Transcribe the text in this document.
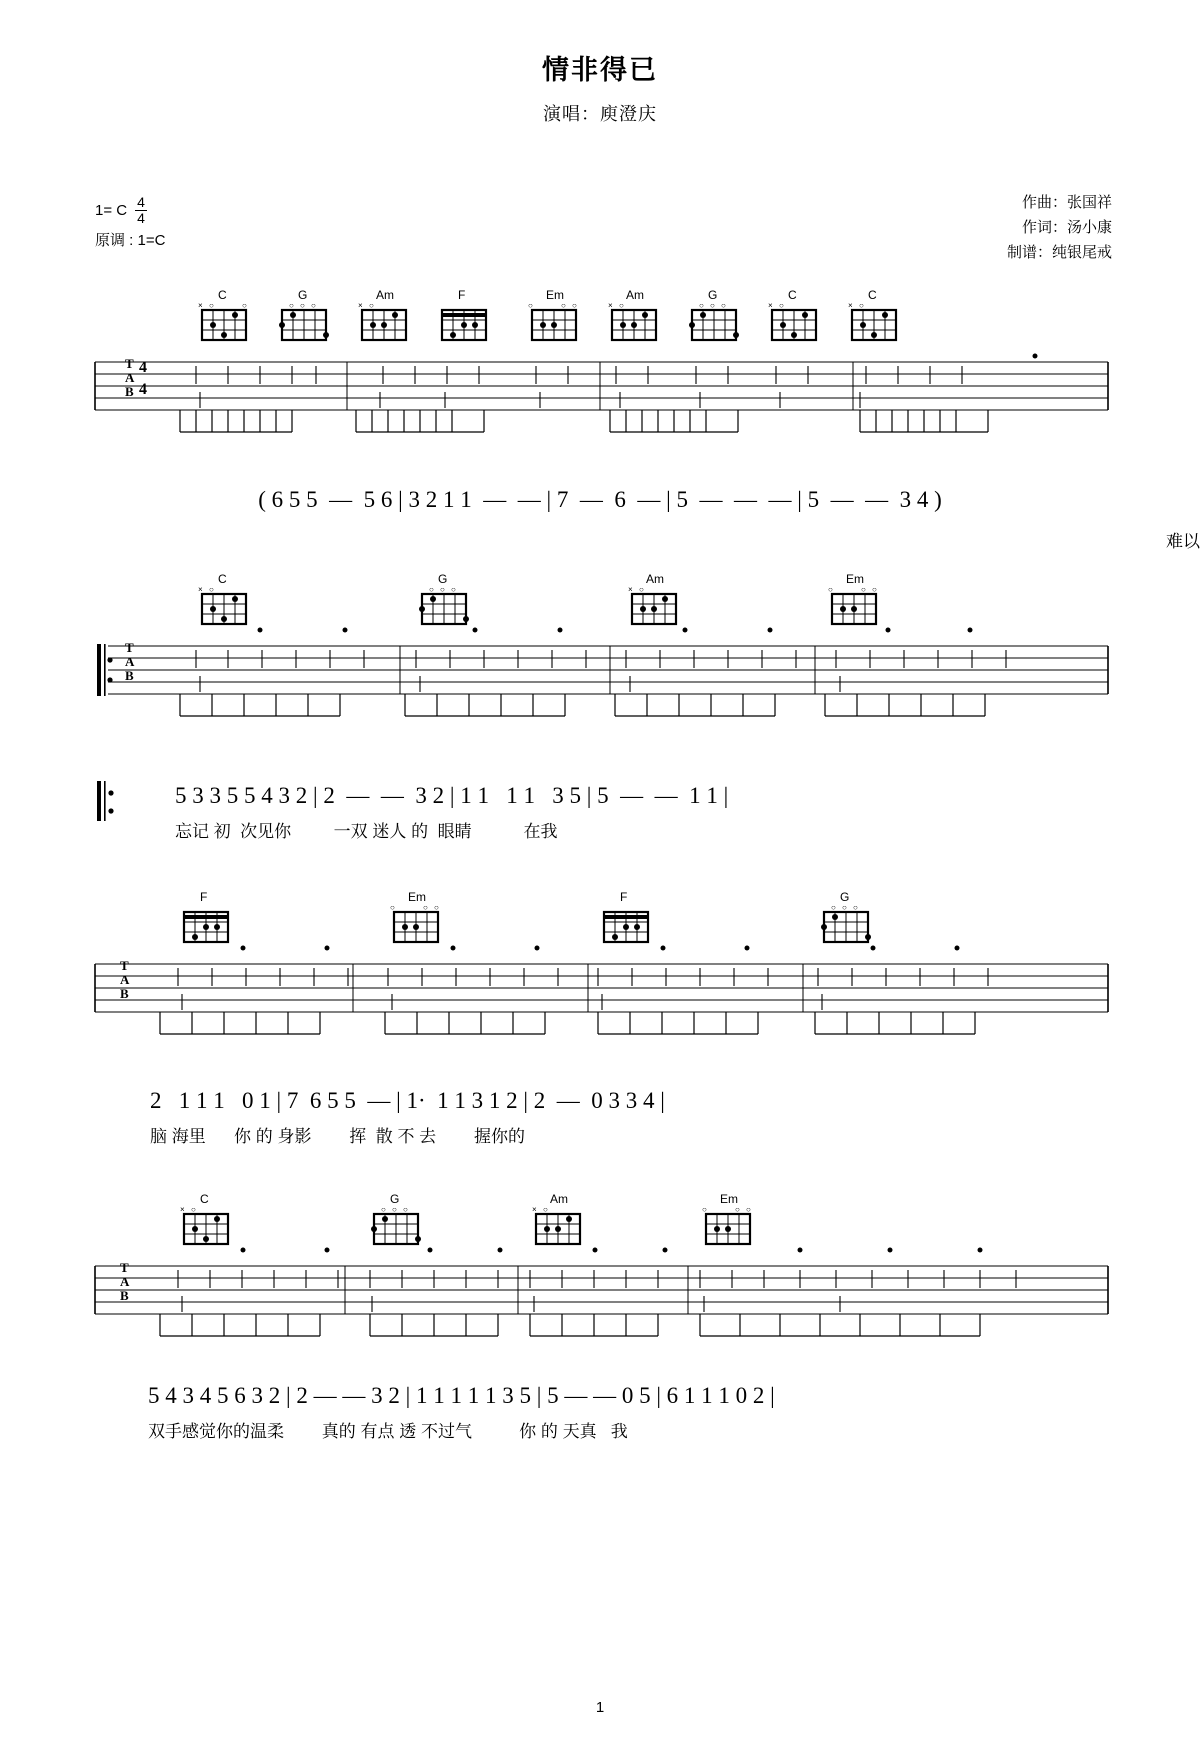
情非得已
演唱：庾澄庆
1= C $\frac{4}{4}$
原调 : 1=C
作曲：张国祥
作词：汤小康
制谱：纯银尾戒
C
× ○	○
G
○ ○ ○
Am
× ○
F	Em
○	○ ○
Am
× ○
G
○ ○ ○
C
× ○
C
× ○
T
A
B
4
4
( 6 5 5  —  5 6 | 3 2 1 1  —  — | 7  —  6  — | 5  —  —  — | 5  —  —  3 4 )
难以
C
× ○
G
○ ○ ○
Am
× ○
Em
○	○ ○
T
A
B
5 3 3 5 5 4 3 2 | 2  —  —  3 2 | 1 1   1 1   3 5 | 5  —  —  1 1 |
忘记 初  次见你         一双 迷人 的  眼睛           在我
F	Em
○	○ ○
F	G
○ ○ ○
T
A
B
2   1 1 1   0 1 | 7  6 5 5  — | 1·  1 1 3 1 2 | 2  —  0 3 3 4 |
脑 海里      你 的 身影        挥  散 不 去        握你的
C
× ○
G
○ ○ ○
Am
× ○
Em
○	○ ○
T
A
B
5 4 3 4 5 6 3 2 | 2 — — 3 2 | 1 1 1 1 1 3 5 | 5 — — 0 5 | 6 1 1 1 0 2 |
双手感觉你的温柔        真的 有点 透 不过气          你 的 天真   我
1
